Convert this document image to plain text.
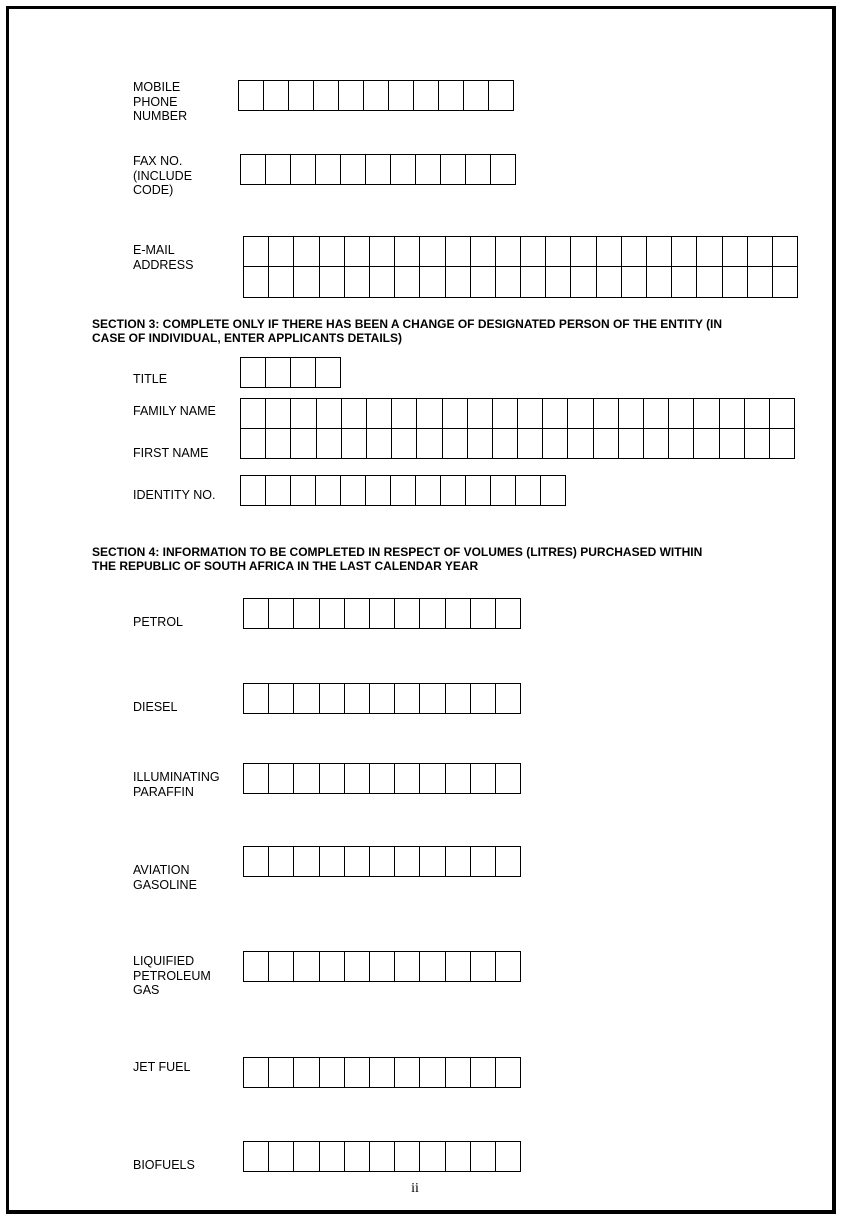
MOBILE
PHONE
NUMBER
FAX NO.
(INCLUDE
CODE)
E-MAIL
ADDRESS
SECTION 3: COMPLETE ONLY IF THERE HAS BEEN A CHANGE OF DESIGNATED PERSON OF THE ENTITY (IN
CASE OF INDIVIDUAL, ENTER APPLICANTS DETAILS)
TITLE
FAMILY NAME
FIRST NAME
IDENTITY NO.
SECTION 4: INFORMATION TO BE COMPLETED IN RESPECT OF VOLUMES (LITRES) PURCHASED WITHIN
THE REPUBLIC OF SOUTH AFRICA IN THE LAST CALENDAR YEAR
PETROL
DIESEL
ILLUMINATING
PARAFFIN
AVIATION
GASOLINE
LIQUIFIED
PETROLEUM
GAS
JET FUEL
BIOFUELS
ii
